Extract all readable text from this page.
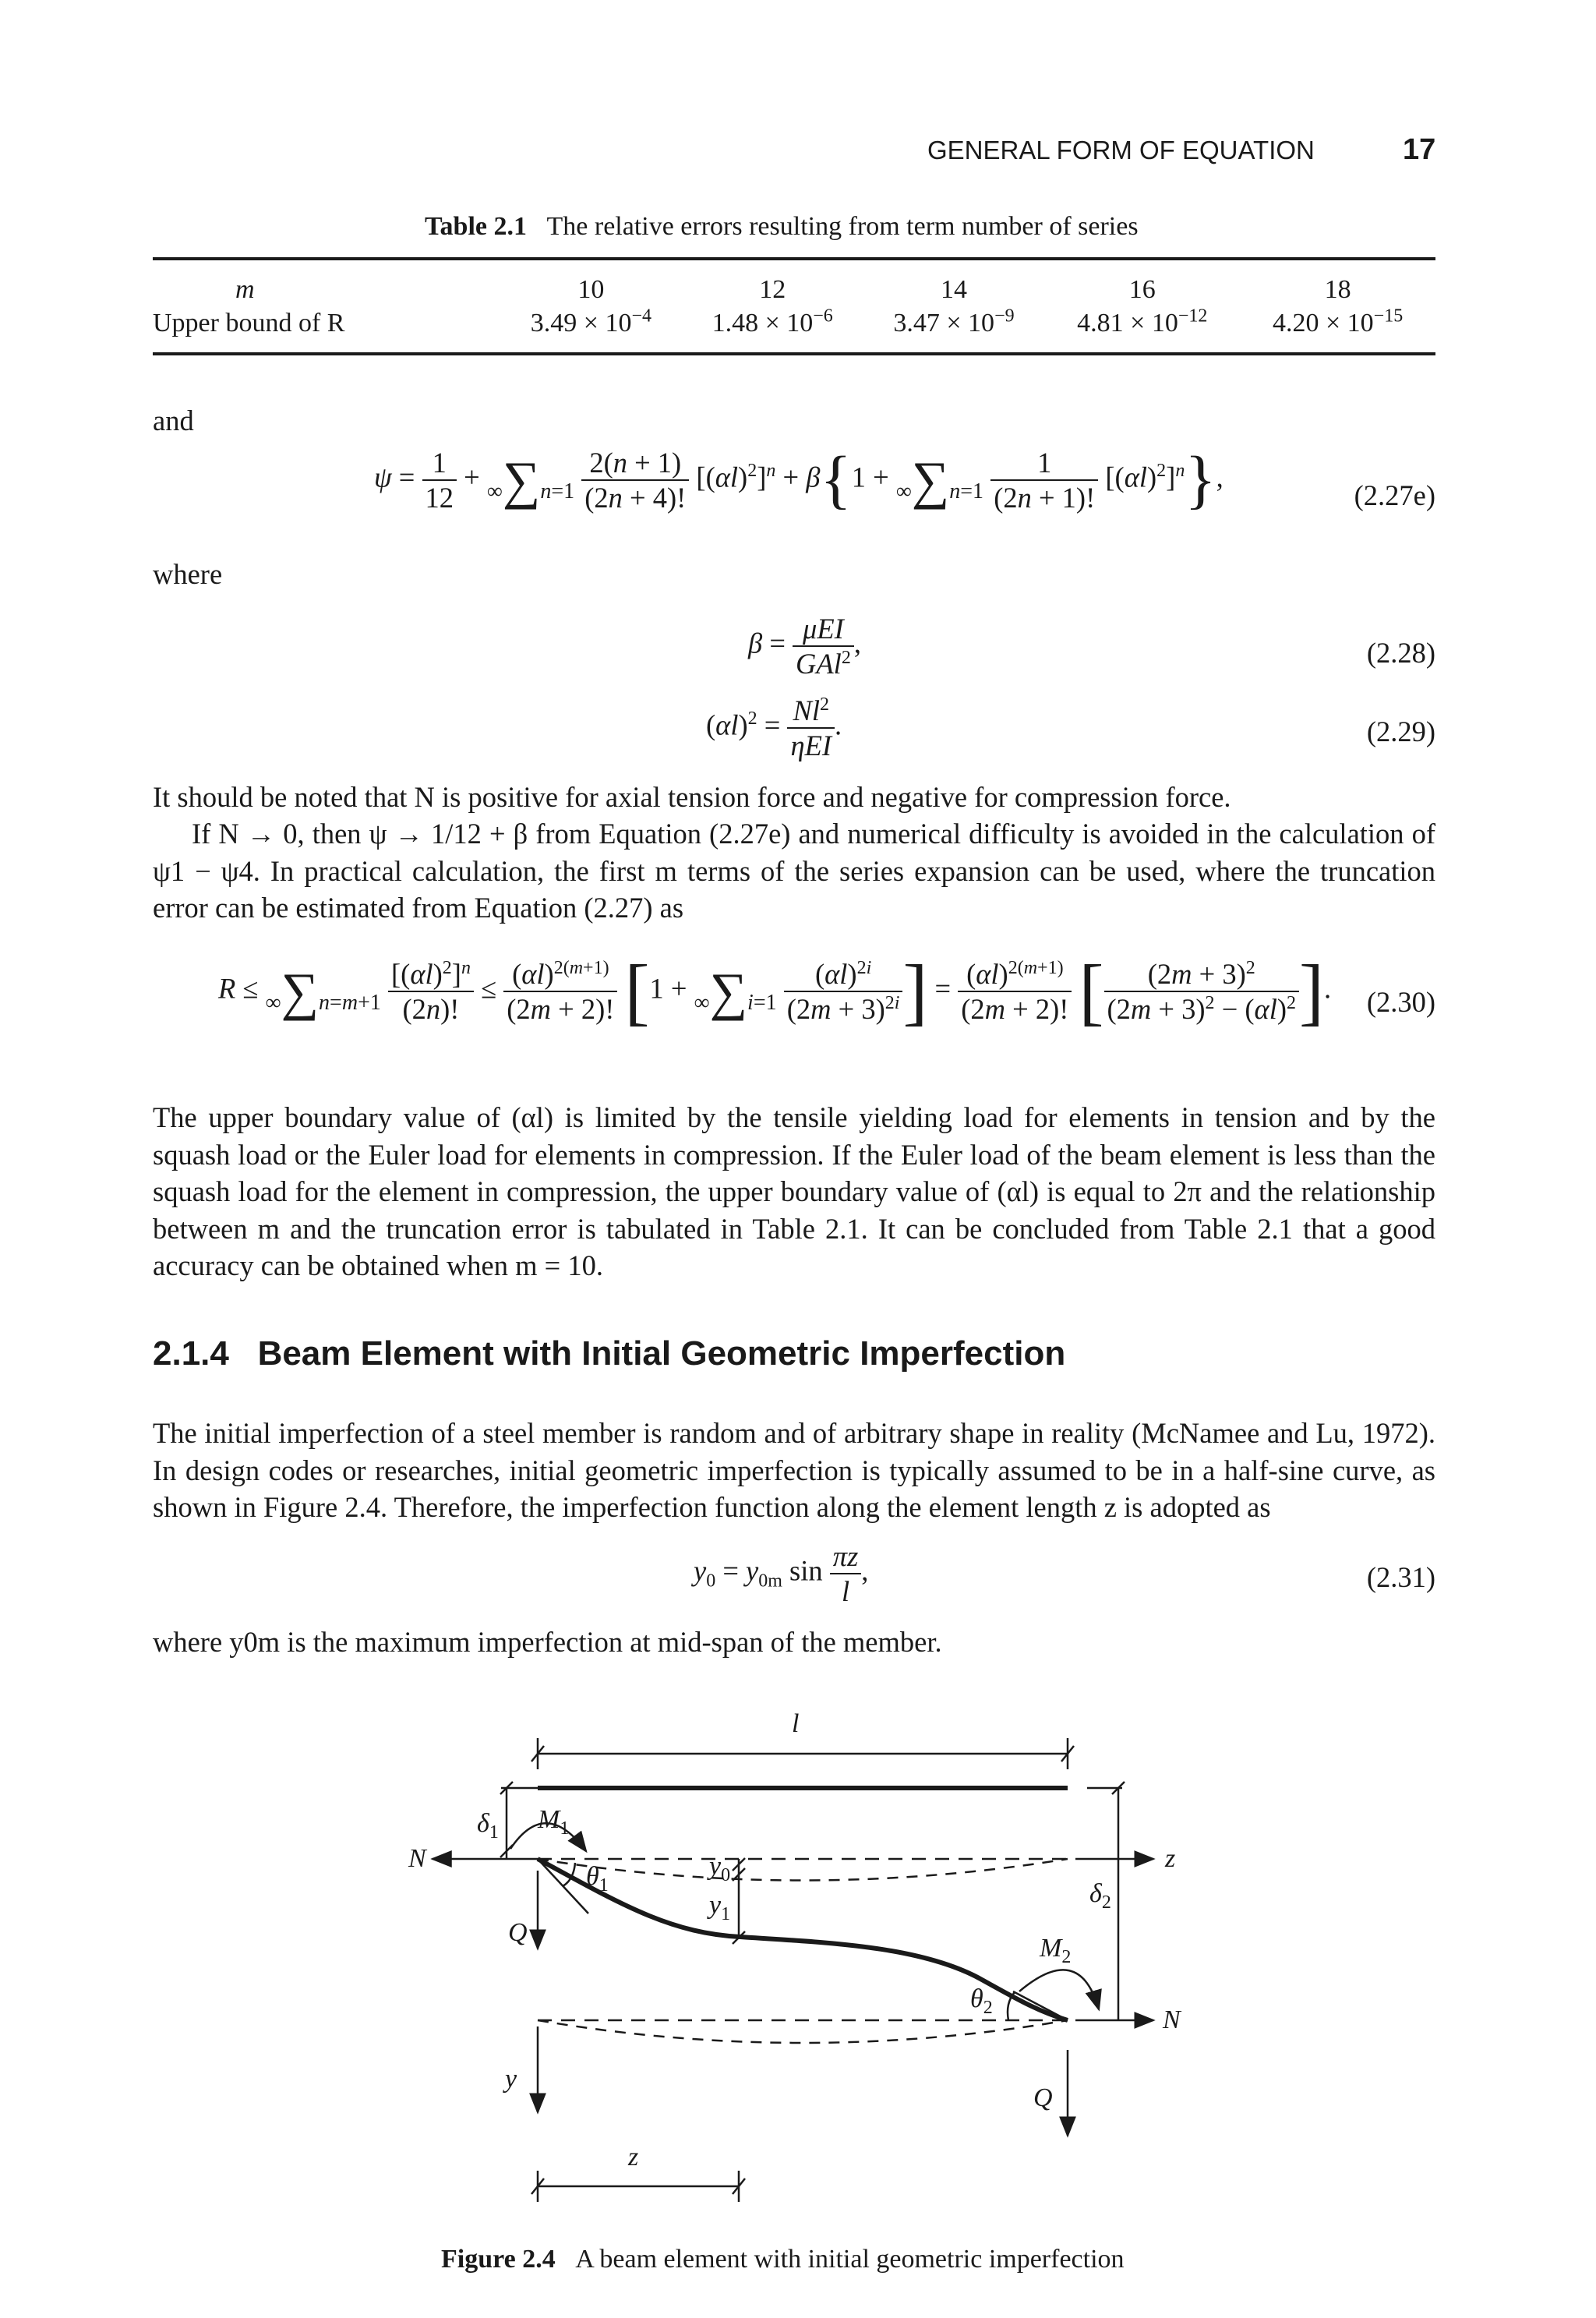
GENERAL FORM OF EQUATION	17
Table 2.1 The relative errors resulting from term number of series
m	10	12	14	16	18
Upper bound of R	$3.49 \times 10^{-4}$	$1.48 \times 10^{-6}$	$3.47 \times 10^{-9}$	$4.81 \times 10^{-12}$	$4.20 \times 10^{-15}$
and
$\psi = \frac{1}{12} + \infty\sum n=1 \frac{2(n + 1)}{(2n + 4)!} [(\alpha l)^2]^n + \beta\{1 + \infty\sum n=1 \frac{1}{(2n + 1)!} [(\alpha l)^2]^n\}$,
(2.27e)
where
$\beta = \frac{\text{μEI}}{GAl^2}$ ,	(2.28)
$(\alpha l)^2 = \frac{Nl^2}{\text{ηEI}}$ .	(2.29)

It should be noted that N is positive for axial tension force and negative for compression force.

If N → 0, then ψ → 1/12 + β from Equation (2.27e) and numerical difficulty is avoided in the calculation of ψ1 − ψ4. In practical calculation, the first m terms of the series expansion can be used, where the truncation error can be estimated from Equation (2.27) as

$R \le \infty\sum n=m+1 \frac{[(\alpha l)^2]^n}{(2n)!} \le \frac{(\alpha l)^{2(m+1)}}{(2m + 2)!} [1 + \infty\sum i=1 \frac{(\alpha l)^{2i}}{(2m + 3)^{2i}}$ ] = $\frac{(\alpha l)^{2(m+1)}}{(2m + 2)!}$ [ $\frac{(2m + 3)^2}{(2m + 3)^2 - (\alpha l)^2}$ ]. (2.30)

The upper boundary value of (αl) is limited by the tensile yielding load for elements in tension and by the squash load or the Euler load for elements in compression. If the Euler load of the beam element is less than the squash load for the element in compression, the upper boundary value of (αl) is equal to 2π and the relationship between m and the truncation error is tabulated in Table 2.1. It can be concluded from Table 2.1 that a good accuracy can be obtained when m = 10.

2.1.4 Beam Element with Initial Geometric Imperfection

The initial imperfection of a steel member is random and of arbitrary shape in reality (McNamee and Lu, 1972). In design codes or researches, initial geometric imperfection is typically assumed to be in a half-sine curve, as shown in Figure 2.4. Therefore, the imperfection function along the element length z is adopted as

$y_0 = y_{0m}$ $\sin \frac{\pi z}{l}$ ,	(2.31)

where y0m is the maximum imperfection at mid-span of the member.

l
N	z
N
Q
Q
y
z
$\delta_1$ $M_1$
$\delta_2$
$\theta_1$
$\theta_2$
$M_2$
$y_0$
$y_1$
Figure 2.4 A beam element with initial geometric imperfection
